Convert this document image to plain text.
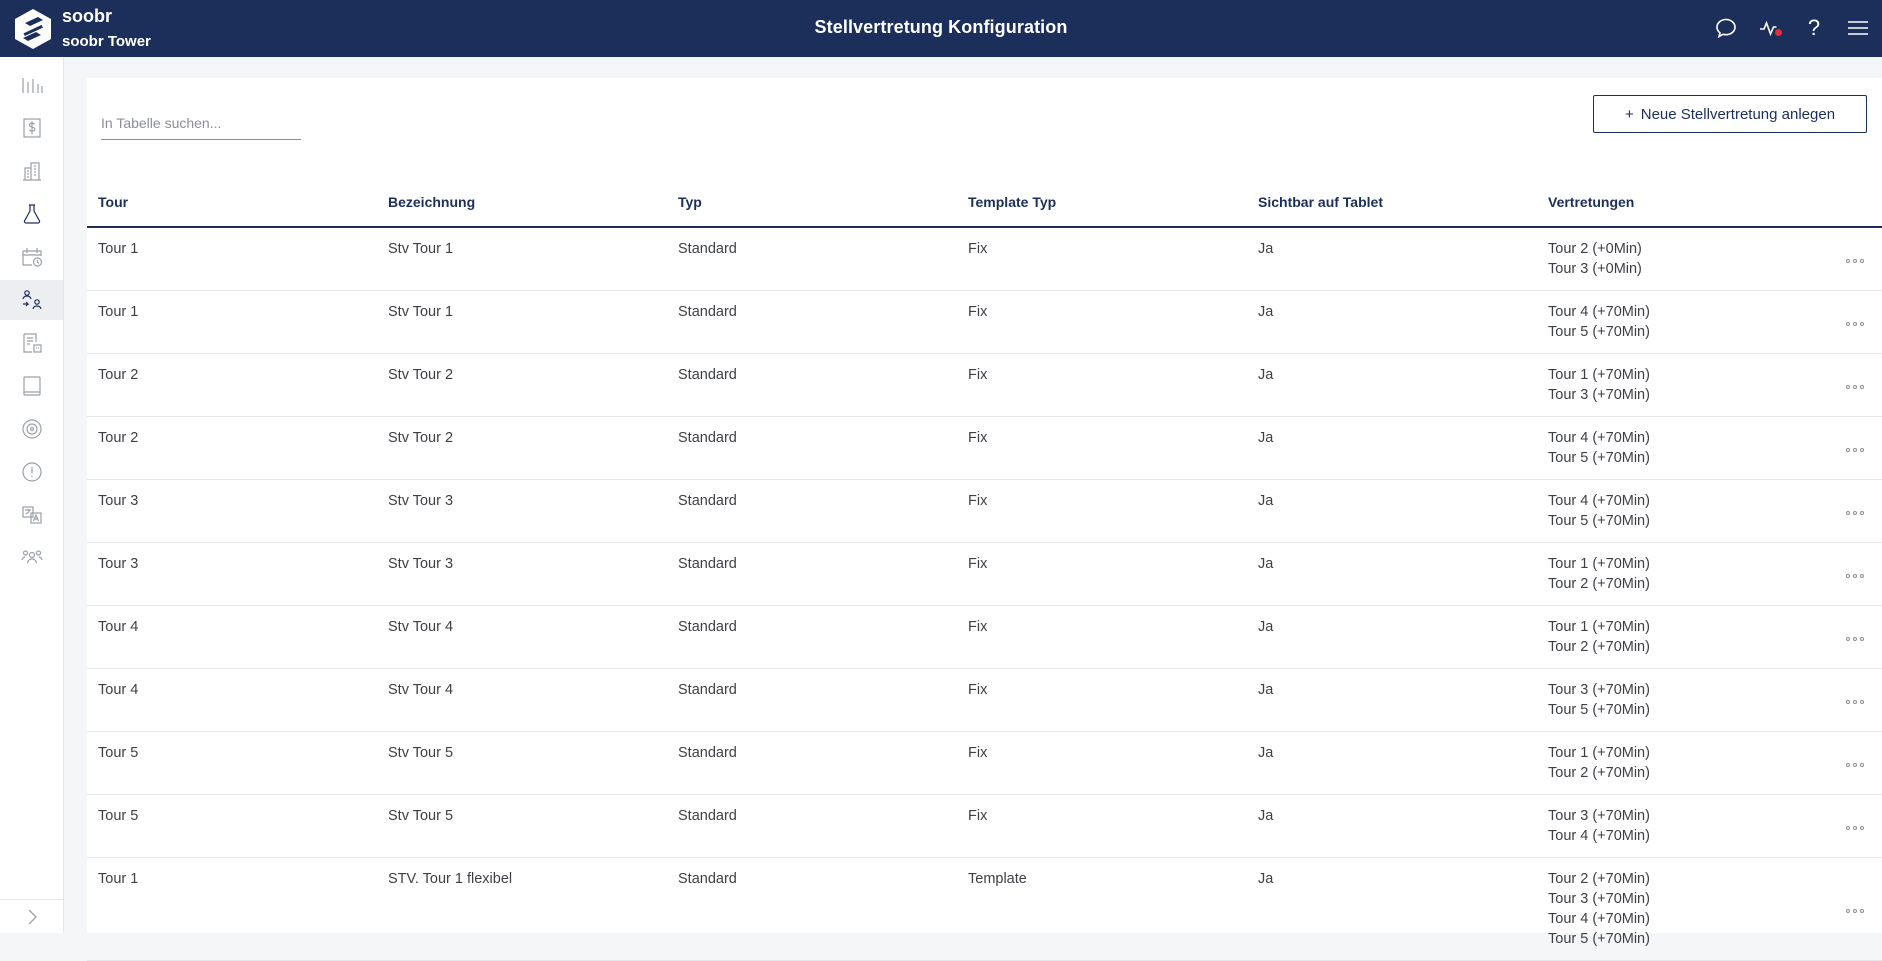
soobr
soobr Tower
Stellvertretung Konfiguration	?
In Tabelle suchen...
+ Neue Stellvertretung anlegen
Tour	Bezeichnung	Typ	Template Typ	Sichtbar auf Tablet	Vertretungen	
Tour 1	Stv Tour 1	Standard	Fix	Ja	Tour 2 (+0Min)
Tour 3 (+0Min)	

Tour 1	Stv Tour 1	Standard	Fix	Ja	Tour 4 (+70Min)
Tour 5 (+70Min)	

Tour 2	Stv Tour 2	Standard	Fix	Ja	Tour 1 (+70Min)
Tour 3 (+70Min)	

Tour 2	Stv Tour 2	Standard	Fix	Ja	Tour 4 (+70Min)
Tour 5 (+70Min)	

Tour 3	Stv Tour 3	Standard	Fix	Ja	Tour 4 (+70Min)
Tour 5 (+70Min)	

Tour 3	Stv Tour 3	Standard	Fix	Ja	Tour 1 (+70Min)
Tour 2 (+70Min)	

Tour 4	Stv Tour 4	Standard	Fix	Ja	Tour 1 (+70Min)
Tour 2 (+70Min)	

Tour 4	Stv Tour 4	Standard	Fix	Ja	Tour 3 (+70Min)
Tour 5 (+70Min)	

Tour 5	Stv Tour 5	Standard	Fix	Ja	Tour 1 (+70Min)
Tour 2 (+70Min)	

Tour 5	Stv Tour 5	Standard	Fix	Ja	Tour 3 (+70Min)
Tour 4 (+70Min)	

Tour 1	STV. Tour 1 flexibel	Standard	Template	Ja	Tour 2 (+70Min)
Tour 3 (+70Min)
Tour 4 (+70Min)
Tour 5 (+70Min)	
